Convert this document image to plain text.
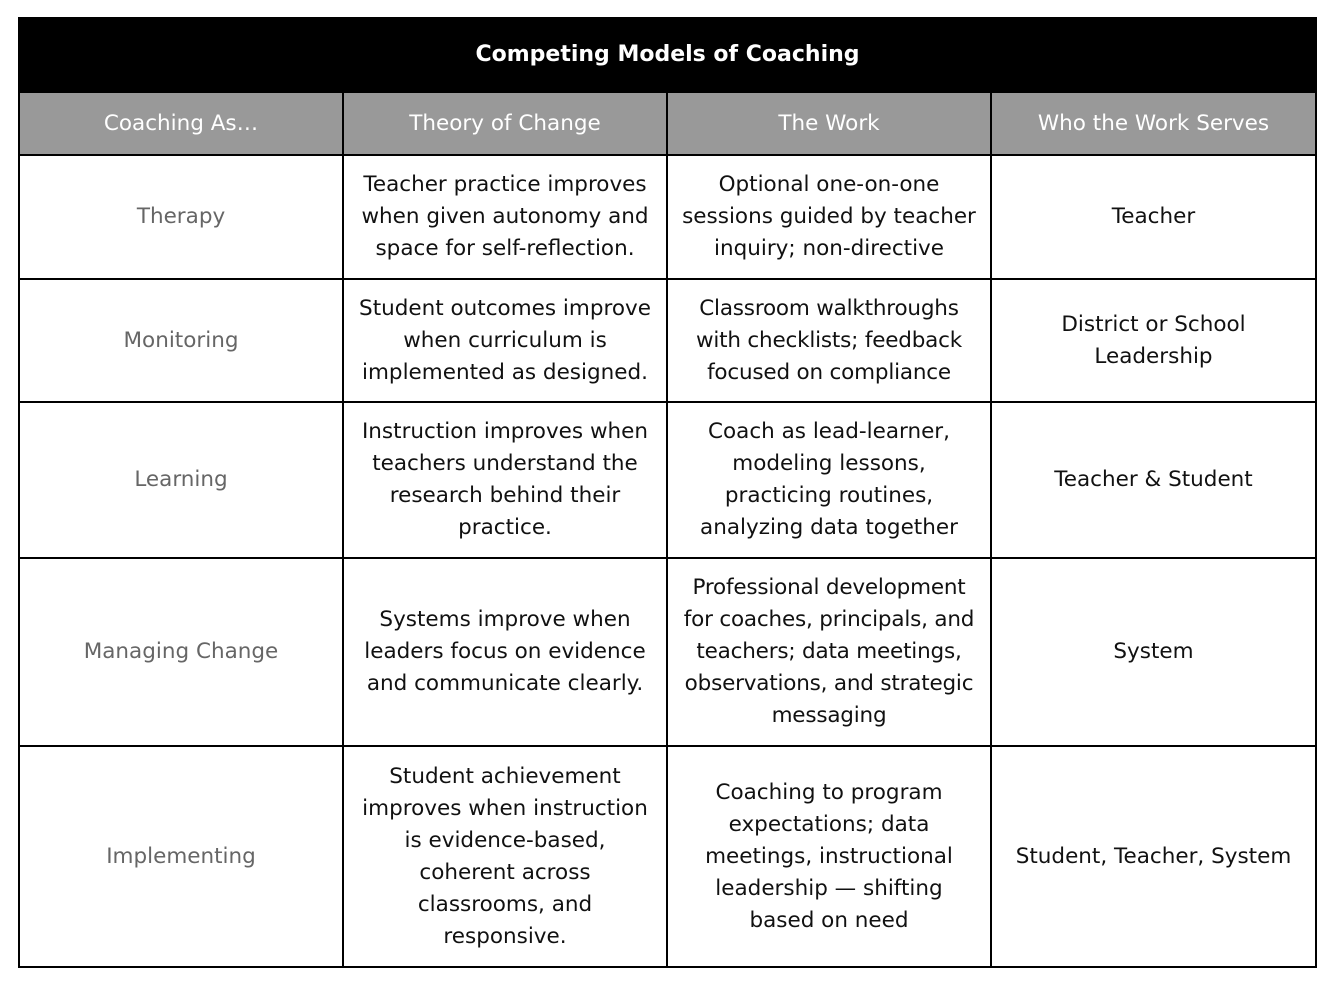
Competing Models of Coaching			
Coaching As…	Theory of Change	The Work	Who the Work Serves
Therapy	Teacher practice improves when given autonomy and space for self-reflection.	Optional one-on-one sessions guided by teacher inquiry; non-directive	Teacher
Monitoring	Student outcomes improve when curriculum is implemented as designed.	Classroom walkthroughs with checklists; feedback focused on compliance	District or School Leadership
Learning	Instruction improves when teachers understand the research behind their practice.	Coach as lead-learner, modeling lessons, practicing routines, analyzing data together	Teacher & Student
Managing Change	Systems improve when leaders focus on evidence and communicate clearly.	Professional development for coaches, principals, and teachers; data meetings, observations, and strategic messaging	System
Implementing	Student achievement improves when instruction is evidence-based, coherent across classrooms, and responsive.	Coaching to program expectations; data meetings, instructional leadership — shifting based on need	Student, Teacher, System
